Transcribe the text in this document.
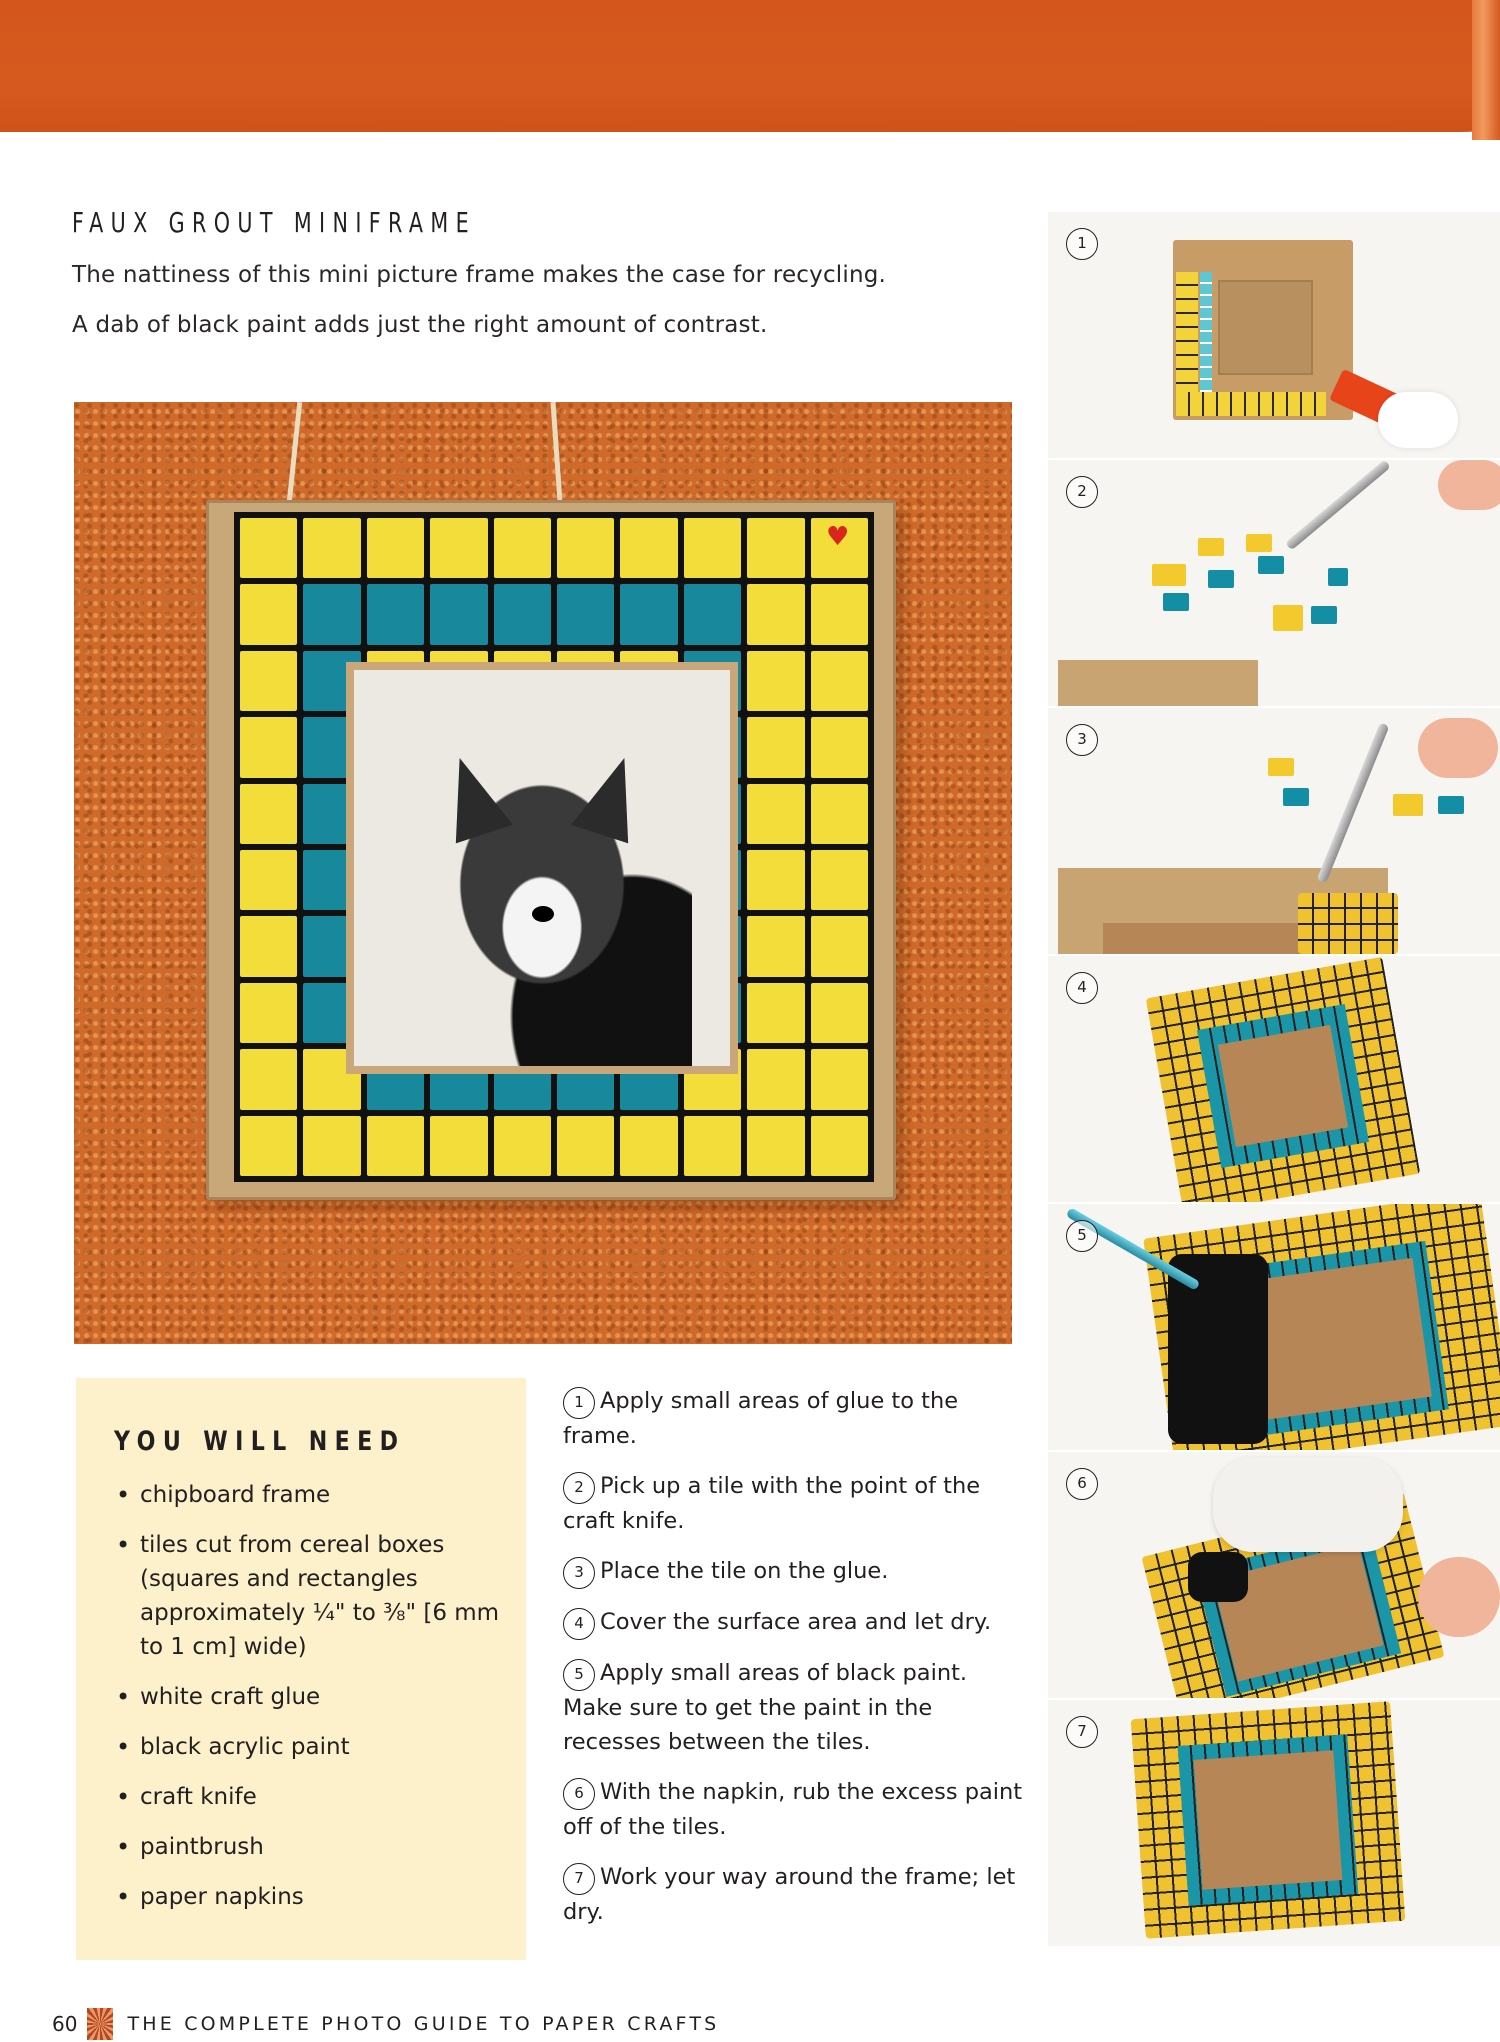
FAUX GROUT MINIFRAME

The nattiness of this mini picture frame makes the case for recycling.

A dab of black paint adds just the right amount of contrast.

♥
YOU WILL NEED
• chipboard frame
• tiles cut from cereal boxes (squares and rectangles approximately ¼" to ⅜" [6 mm to 1 cm] wide)
• white craft glue
• black acrylic paint
• craft knife
• paintbrush
• paper napkins

1 Apply small areas of glue to the frame.

2 Pick up a tile with the point of the craft knife.

3 Place the tile on the glue.

4 Cover the surface area and let dry.

5 Apply small areas of black paint. Make sure to get the paint in the recesses between the tiles.

6 With the napkin, rub the excess paint off of the tiles.

7 Work your way around the frame; let dry.

1
2
3
4
5
6
7
60	THE COMPLETE PHOTO GUIDE TO PAPER CRAFTS
